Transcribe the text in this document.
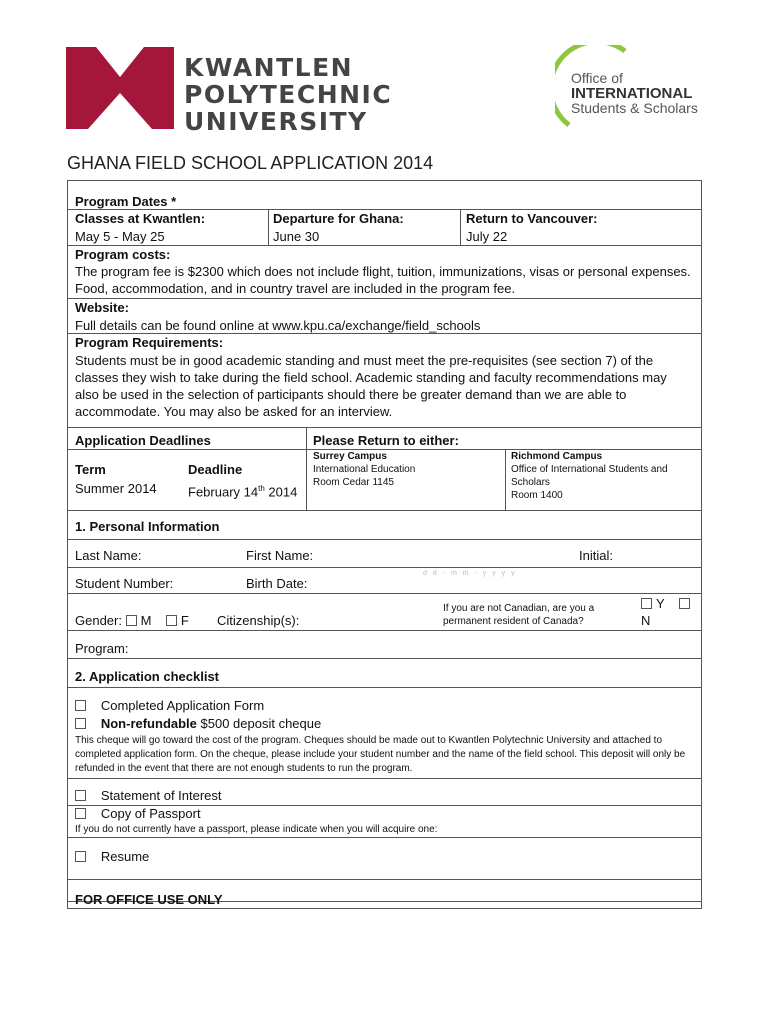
KWANTLEN
POLYTECHNIC
UNIVERSITY
Office of
INTERNATIONAL
Students & Scholars
GHANA FIELD SCHOOL APPLICATION 2014
Program Dates *
Classes at Kwantlen:
May 5 - May 25
Departure for Ghana:
June 30
Return to Vancouver:
July 22
Program costs:
The program fee is $2300 which does not include flight, tuition, immunizations, visas or personal expenses. Food, accommodation, and in country travel are included in the program fee.
Website:
Full details can be found online at www.kpu.ca/exchange/field_schools
Program Requirements:
Students must be in good academic standing and must meet the pre-requisites (see section 7) of the classes they wish to take during the field school. Academic standing and faculty recommendations may also be used in the selection of participants should there be greater demand than we are able to accommodate. You may also be asked for an interview.
Application Deadlines	Please Return to either:
Term	Deadline
Summer 2014 February 14th 2014
Surrey Campus
International Education
Room Cedar 1145
Richmond Campus
Office of International Students and Scholars
Room 1400
1. Personal Information
Last Name:	First Name:	Initial:
d d - m m - y y y y
Student Number:	Birth Date:
Gender: M F Citizenship(s):
If you are not Canadian, are you a permanent resident of Canada?
Y
N
Program:
2. Application checklist
Completed Application Form
Non-refundable $500 deposit cheque
This cheque will go toward the cost of the program. Cheques should be made out to Kwantlen Polytechnic University and attached to completed application form. On the cheque, please include your student number and the name of the field school. This deposit will only be refunded in the event that there are not enough students to run the program.
Statement of Interest
Copy of Passport
If you do not currently have a passport, please indicate when you will acquire one:
Resume
FOR OFFICE USE ONLY
